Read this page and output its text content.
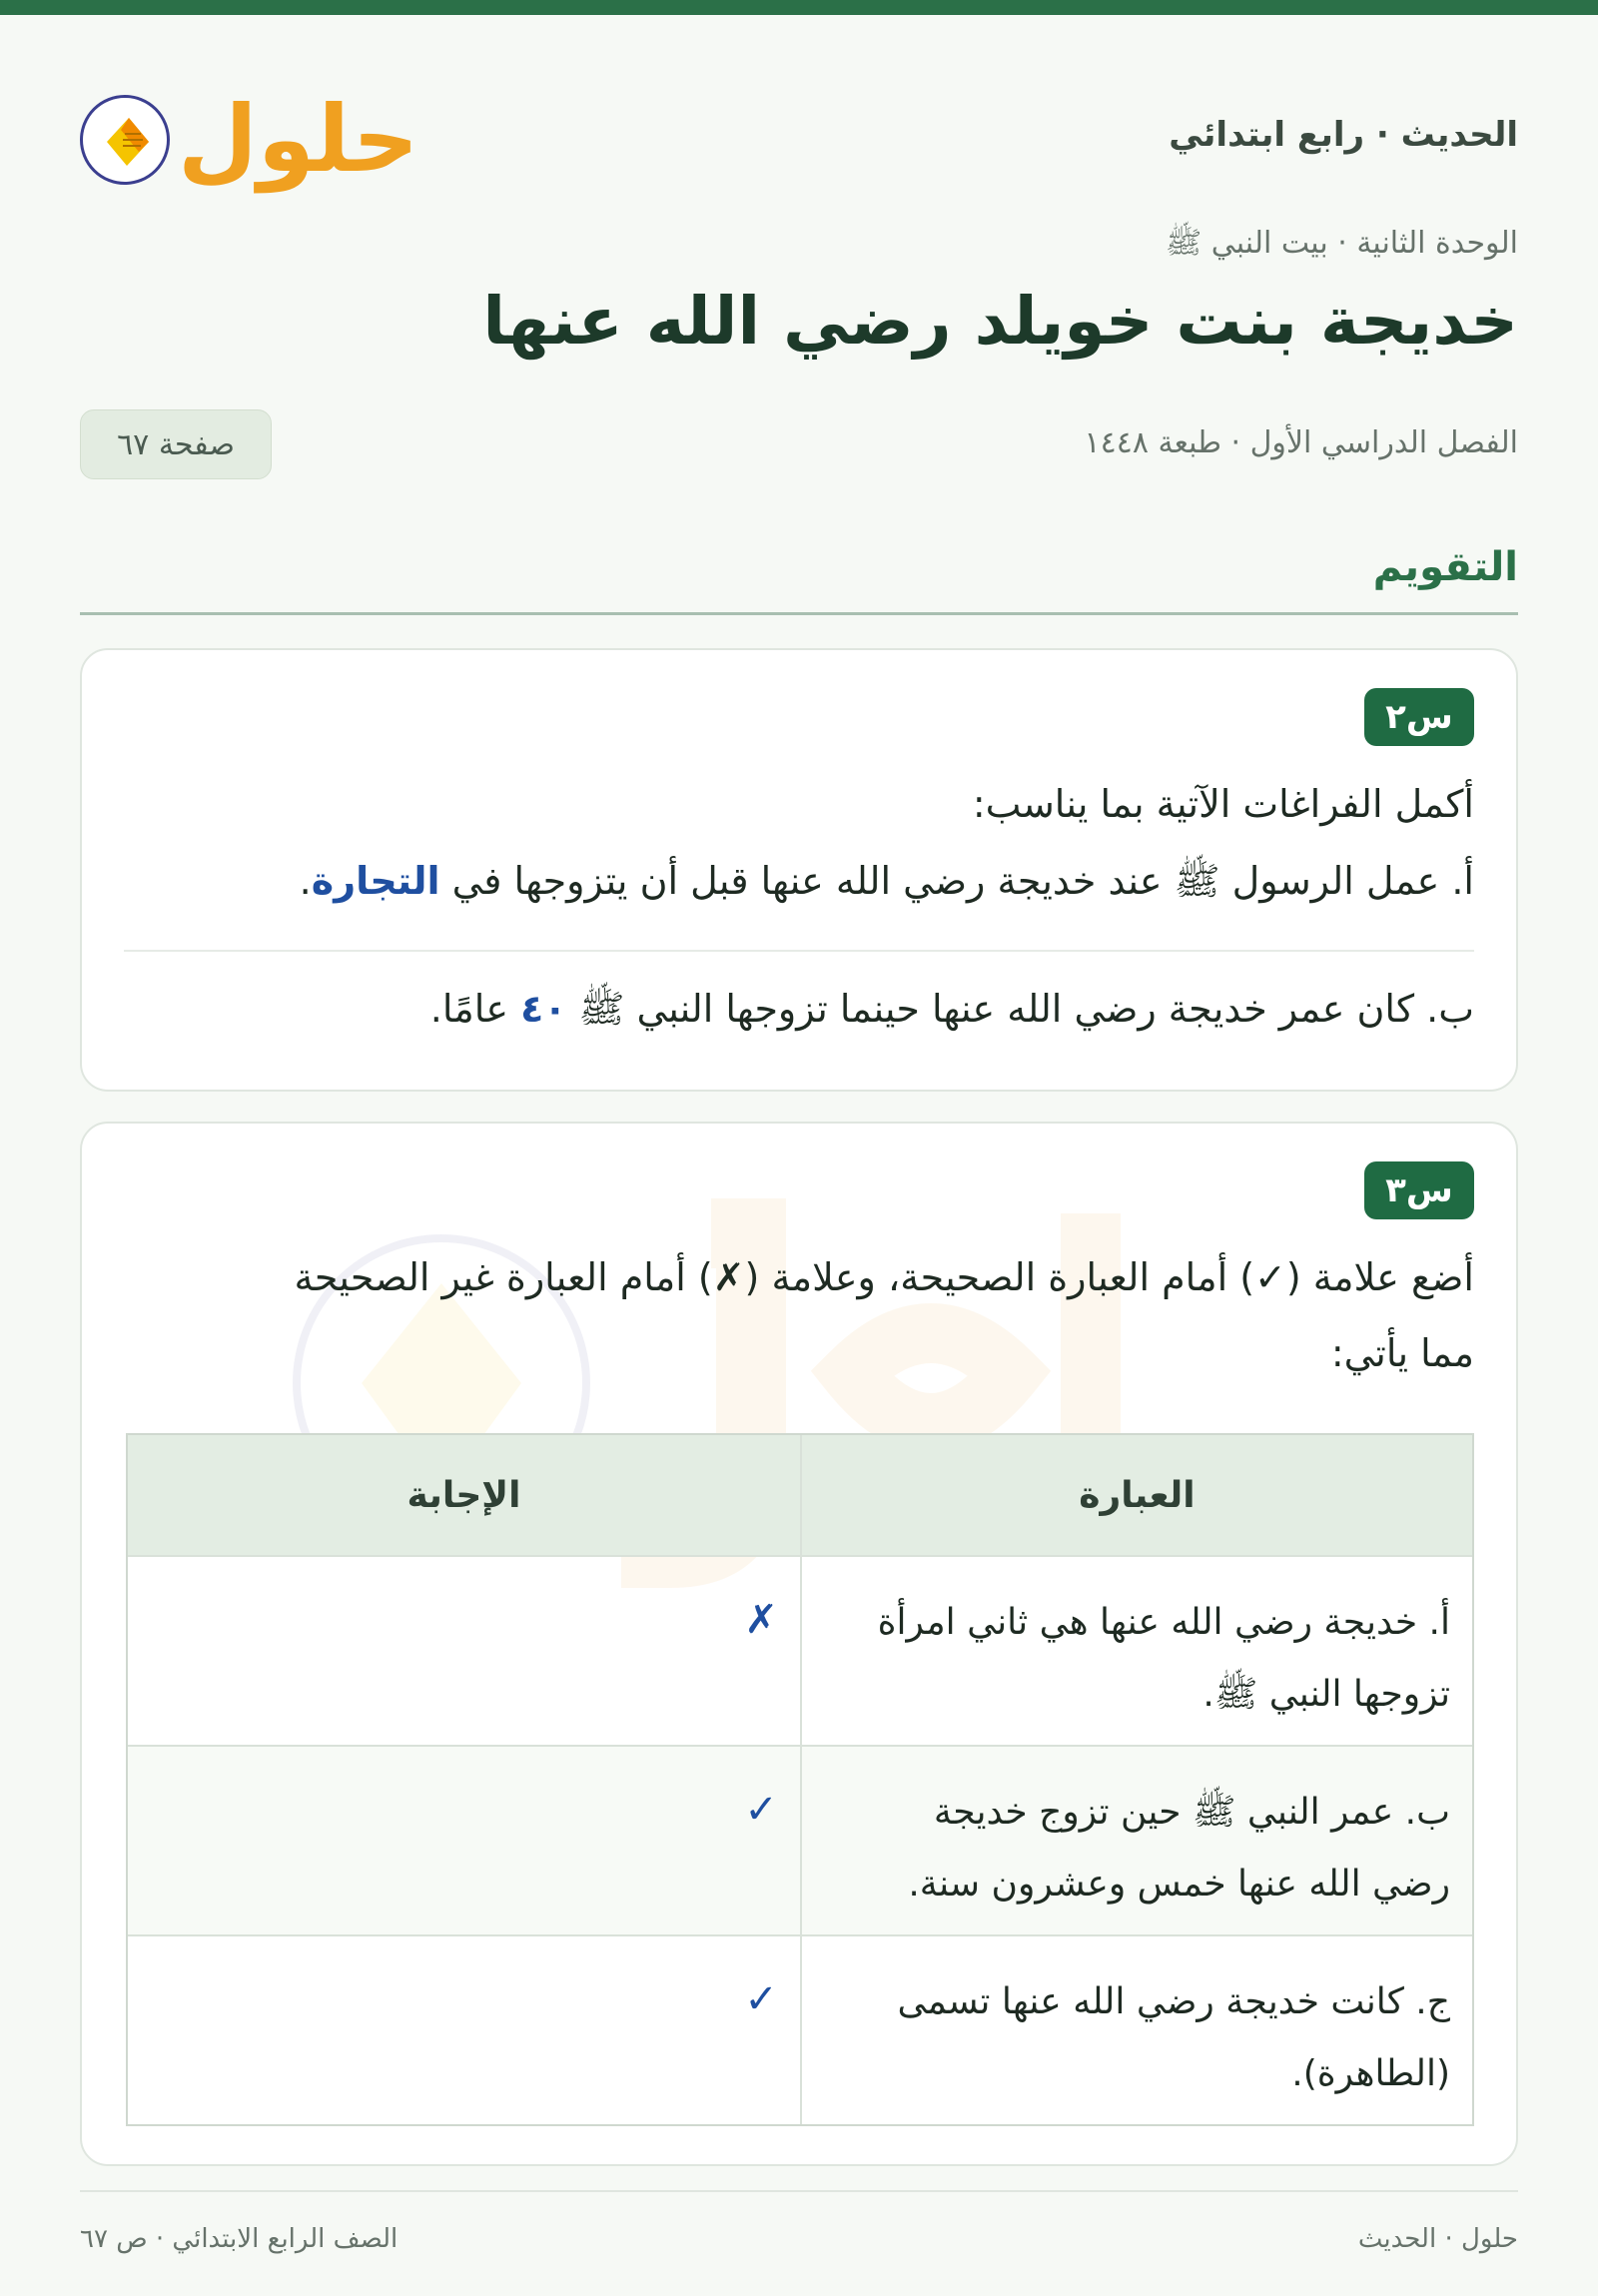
الحديث · رابع ابتدائي
حلول
الوحدة الثانية · بيت النبي ﷺ
خديجة بنت خويلد رضي الله عنها
الفصل الدراسي الأول · طبعة ١٤٤٨
صفحة ٦٧
التقويم
س٢
أكمل الفراغات الآتية بما يناسب:
أ. عمل الرسول ﷺ عند خديجة رضي الله عنها قبل أن يتزوجها في التجارة.
ب. كان عمر خديجة رضي الله عنها حينما تزوجها النبي ﷺ ٤٠ عامًا.
س٣
أضع علامة (✓) أمام العبارة الصحيحة، وعلامة (✗) أمام العبارة غير الصحيحة
مما يأتي:
العبارة
الإجابة
أ. خديجة رضي الله عنها هي ثاني امرأة
تزوجها النبي ﷺ.
✗
ب. عمر النبي ﷺ حين تزوج خديجة
رضي الله عنها خمس وعشرون سنة.
✓
ج. كانت خديجة رضي الله عنها تسمى
(الطاهرة).
✓
حلول · الحديث
الصف الرابع الابتدائي · ص ٦٧
